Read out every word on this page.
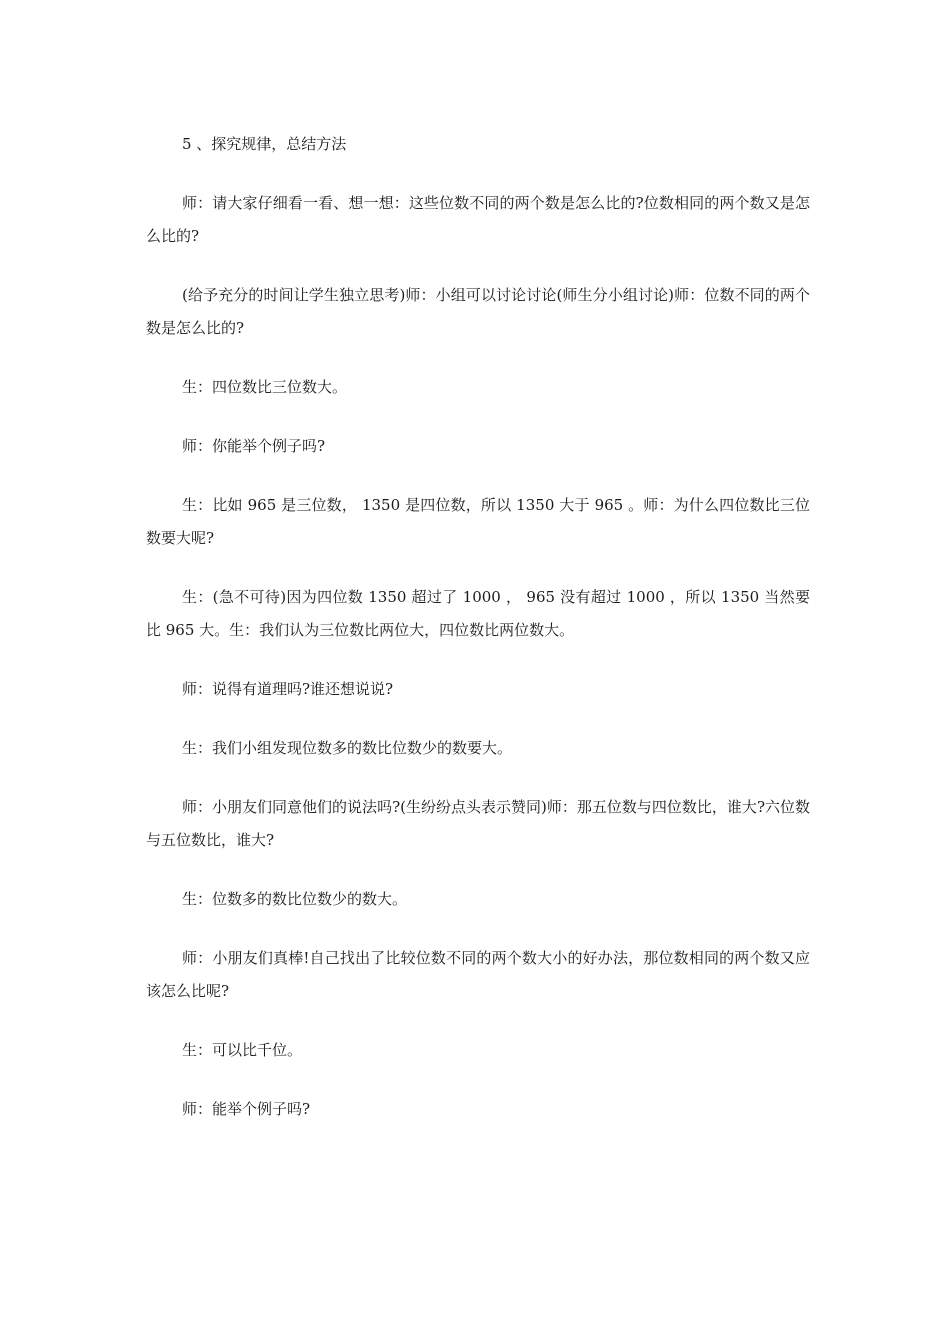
5 、探究规律，总结方法

师：请大家仔细看一看、想一想：这些位数不同的两个数是怎么比的?位数相同的两个数又是怎么比的?

(给予充分的时间让学生独立思考)师：小组可以讨论讨论(师生分小组讨论)师：位数不同的两个数是怎么比的?

生：四位数比三位数大。

师：你能举个例子吗?

生：比如 965 是三位数， 1350 是四位数，所以 1350 大于 965 。师：为什么四位数比三位数要大呢?

生：(急不可待)因为四位数 1350 超过了 1000 ， 965 没有超过 1000 ，所以 1350 当然要比 965 大。生：我们认为三位数比两位大，四位数比两位数大。

师：说得有道理吗?谁还想说说?

生：我们小组发现位数多的数比位数少的数要大。

师：小朋友们同意他们的说法吗?(生纷纷点头表示赞同)师：那五位数与四位数比，谁大?六位数与五位数比，谁大?

生：位数多的数比位数少的数大。

师：小朋友们真棒!自己找出了比较位数不同的两个数大小的好办法，那位数相同的两个数又应该怎么比呢?

生：可以比千位。

师：能举个例子吗?
